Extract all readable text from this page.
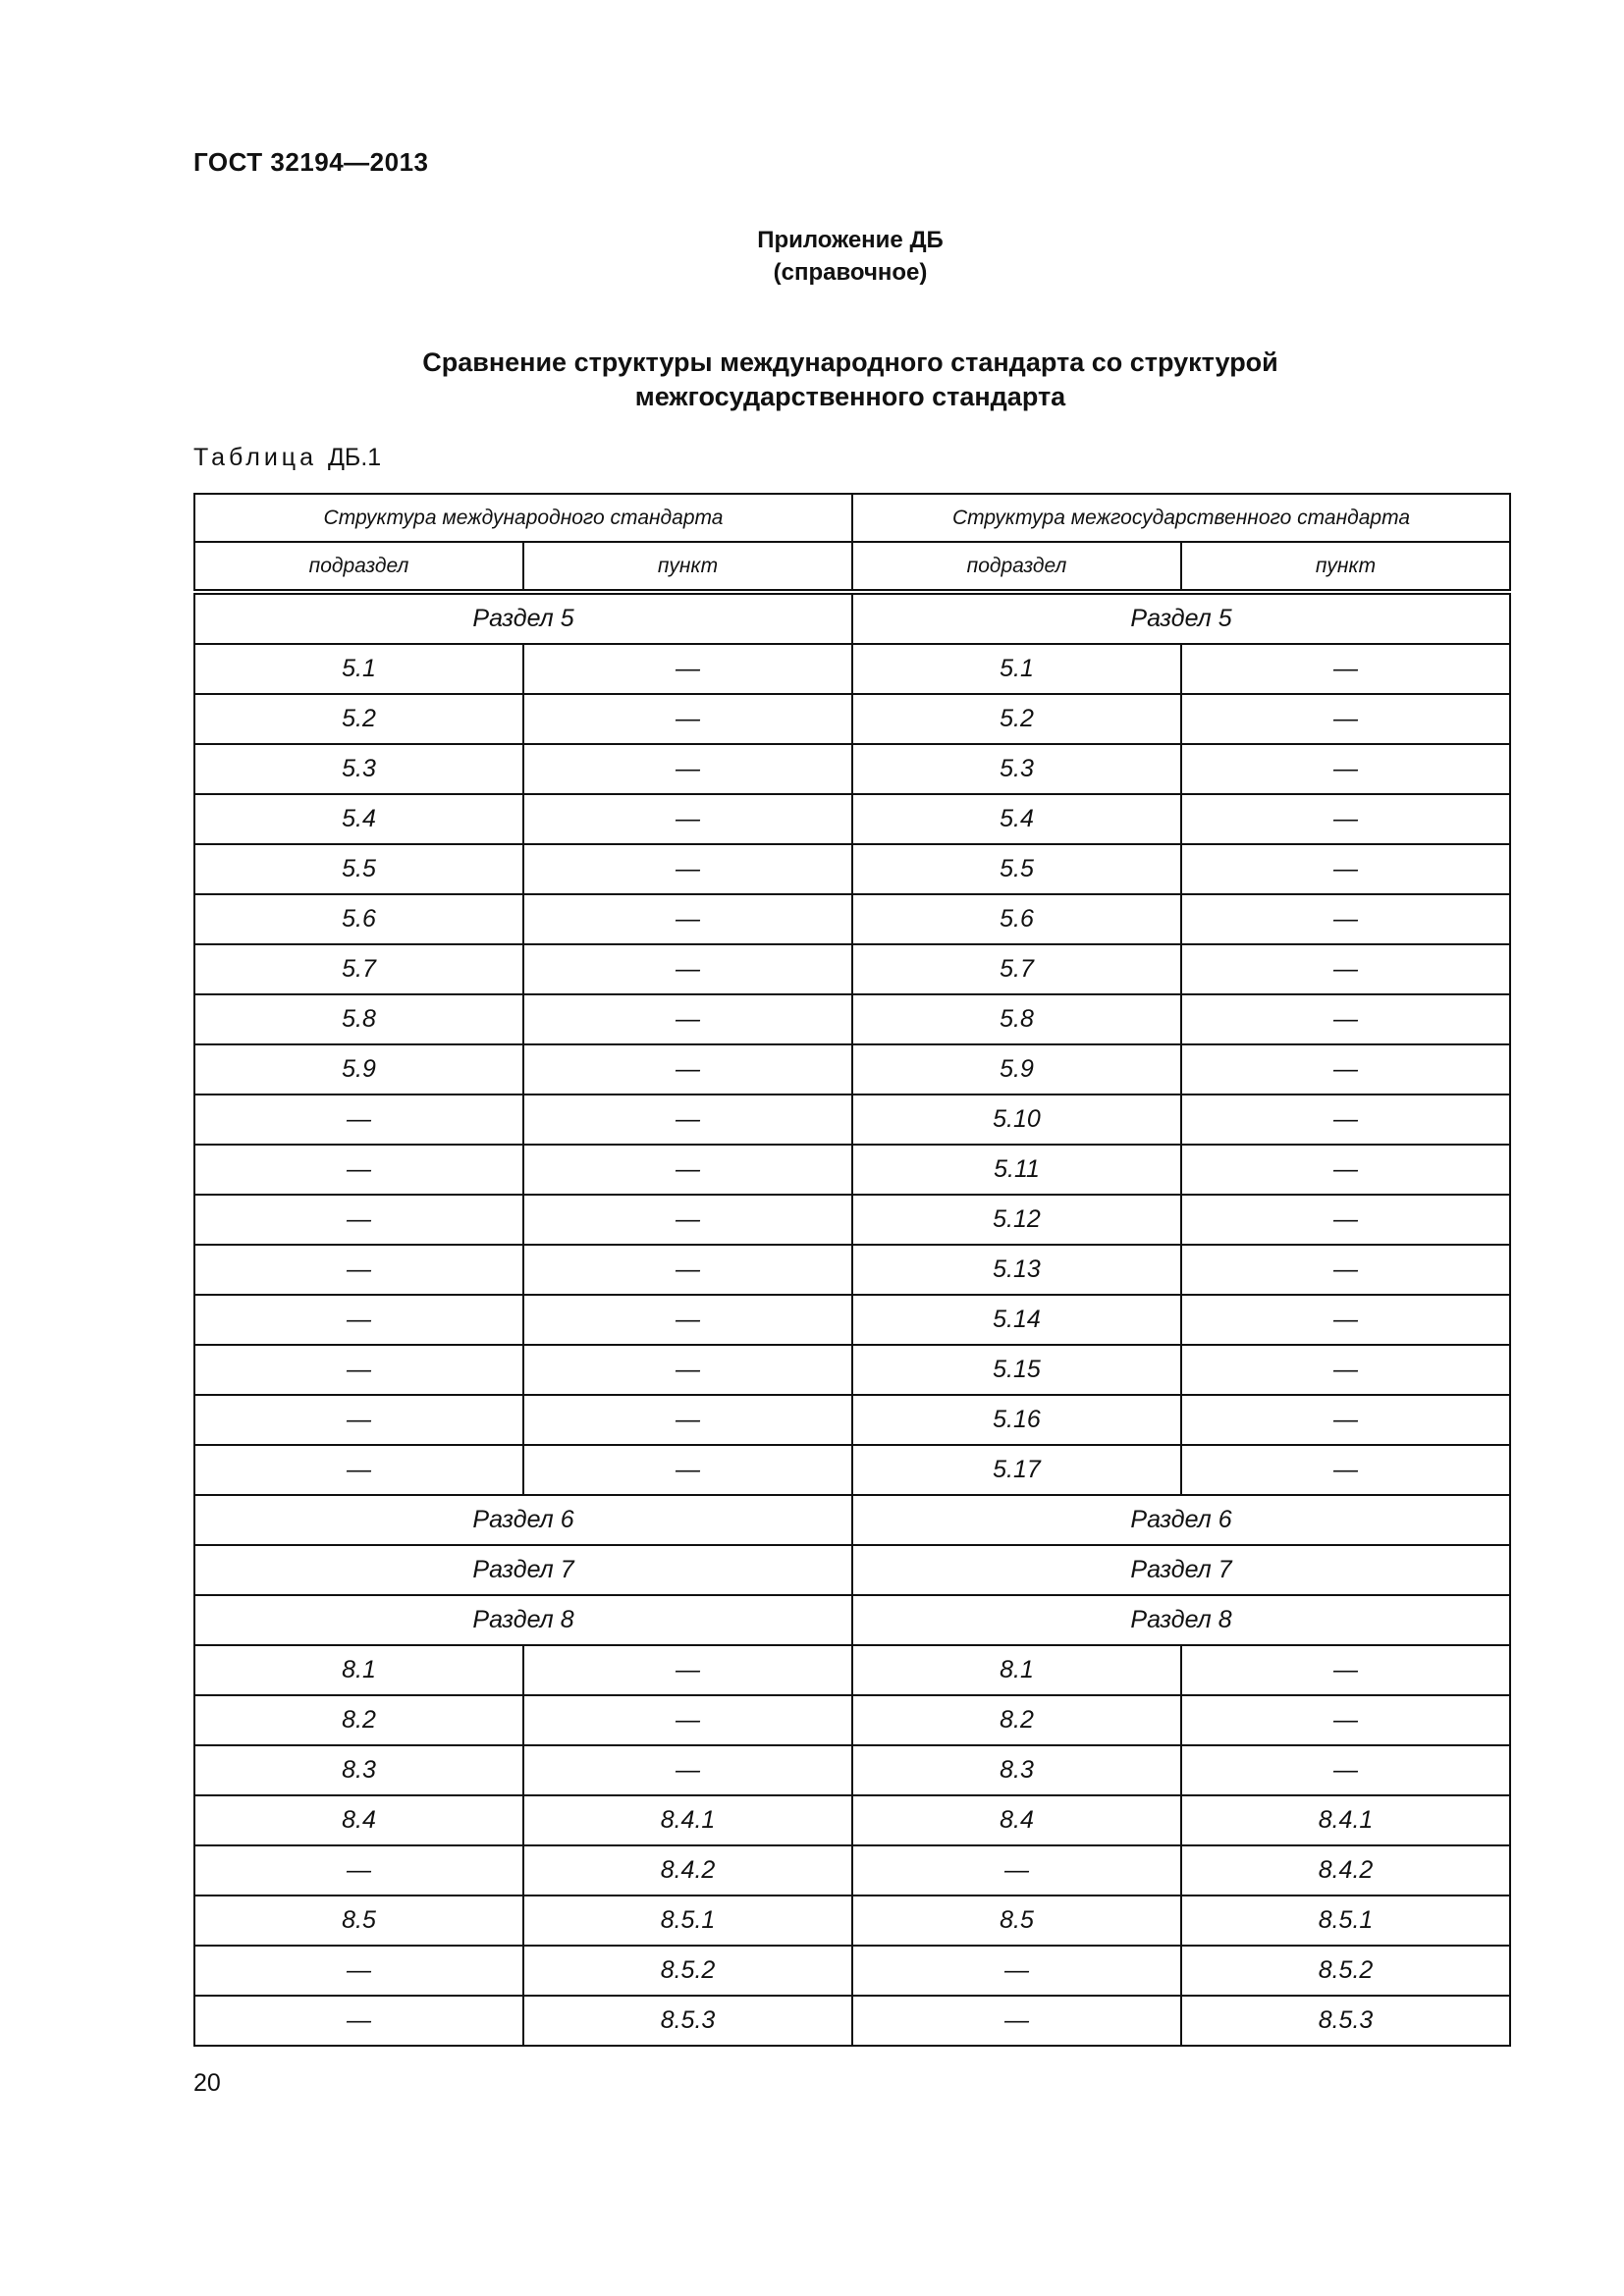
ГОСТ 32194—2013
Приложение ДБ
(справочное)
Сравнение структуры международного стандарта со структурой
межгосударственного стандарта
Таблица ДБ.1
Структура международного стандарта		Структура межгосударственного стандарта	
подраздел	пункт	подраздел	пункт
Раздел 5		Раздел 5	
5.1	—	5.1	—
5.2	—	5.2	—
5.3	—	5.3	—
5.4	—	5.4	—
5.5	—	5.5	—
5.6	—	5.6	—
5.7	—	5.7	—
5.8	—	5.8	—
5.9	—	5.9	—
—	—	5.10	—
—	—	5.11	—
—	—	5.12	—
—	—	5.13	—
—	—	5.14	—
—	—	5.15	—
—	—	5.16	—
—	—	5.17	—
Раздел 6		Раздел 6	
Раздел 7		Раздел 7	
Раздел 8		Раздел 8	
8.1	—	8.1	—
8.2	—	8.2	—
8.3	—	8.3	—
8.4	8.4.1	8.4	8.4.1
—	8.4.2	—	8.4.2
8.5	8.5.1	8.5	8.5.1
—	8.5.2	—	8.5.2
—	8.5.3	—	8.5.3
20
